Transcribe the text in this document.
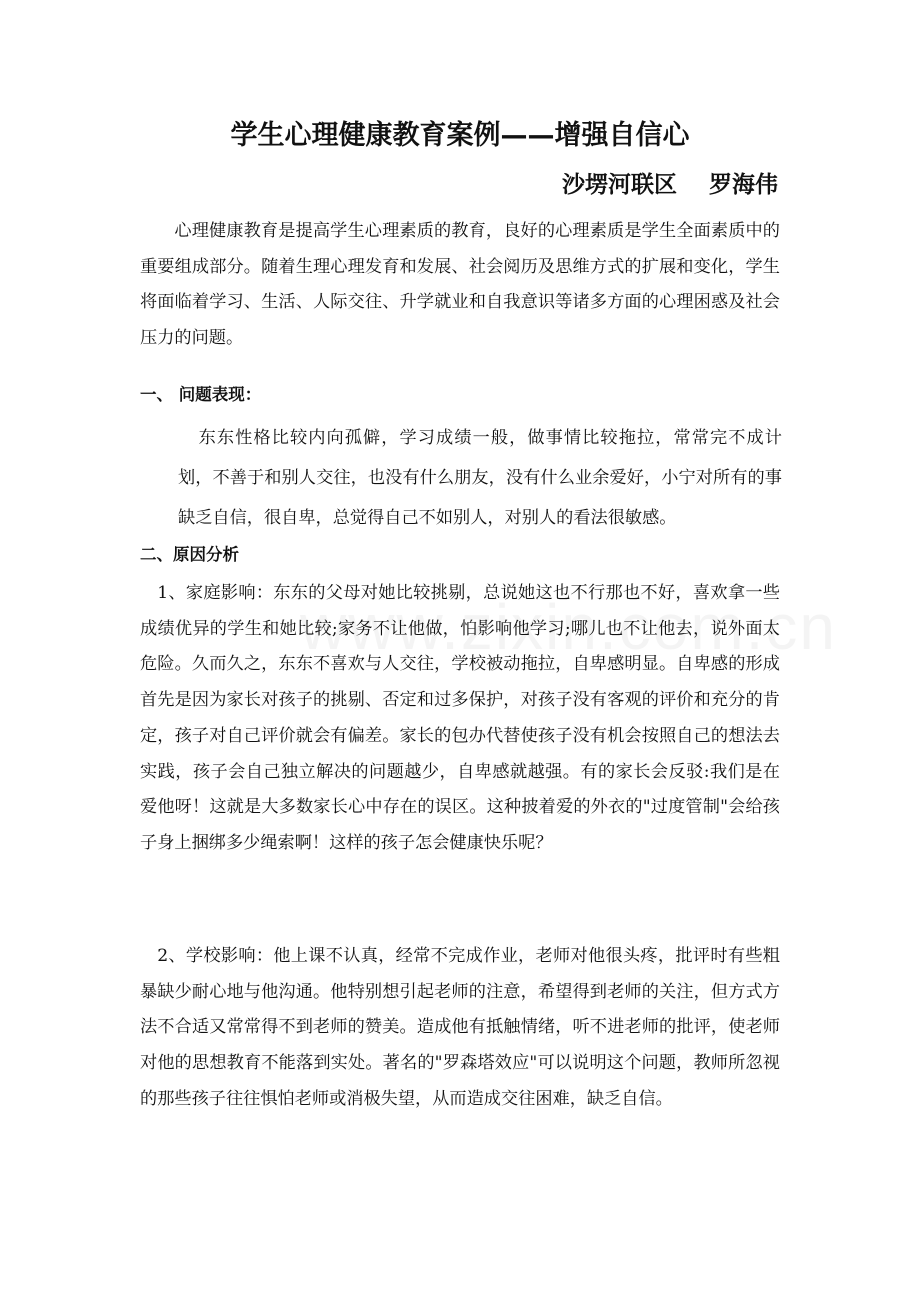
学生心理健康教育案例——增强自信心
沙塄河联区    罗海伟

心理健康教育是提高学生心理素质的教育，良好的心理素质是学生全面素质中的重要组成部分。随着生理心理发育和发展、社会阅历及思维方式的扩展和变化，学生将面临着学习、生活、人际交往、升学就业和自我意识等诸多方面的心理困惑及社会压力的问题。

一、 问题表现：

东东性格比较内向孤僻，学习成绩一般，做事情比较拖拉，常常完不成计划，不善于和别人交往，也没有什么朋友，没有什么业余爱好，小宁对所有的事缺乏自信，很自卑，总觉得自己不如别人，对别人的看法很敏感。

二、原因分析

1、家庭影响：东东的父母对她比较挑剔，总说她这也不行那也不好，喜欢拿一些成绩优异的学生和她比较;家务不让他做，怕影响他学习;哪儿也不让他去，说外面太危险。久而久之，东东不喜欢与人交往，学校被动拖拉，自卑感明显。自卑感的形成首先是因为家长对孩子的挑剔、否定和过多保护，对孩子没有客观的评价和充分的肯定，孩子对自己评价就会有偏差。家长的包办代替使孩子没有机会按照自己的想法去实践，孩子会自己独立解决的问题越少，自卑感就越强。有的家长会反驳:我们是在爱他呀！这就是大多数家长心中存在的误区。这种披着爱的外衣的"过度管制"会给孩子身上捆绑多少绳索啊！这样的孩子怎会健康快乐呢？

2、学校影响：他上课不认真，经常不完成作业，老师对他很头疼，批评时有些粗暴缺少耐心地与他沟通。他特别想引起老师的注意，希望得到老师的关注，但方式方法不合适又常常得不到老师的赞美。造成他有抵触情绪，听不进老师的批评，使老师对他的思想教育不能落到实处。著名的"罗森塔效应"可以说明这个问题，教师所忽视的那些孩子往往惧怕老师或消极失望，从而造成交往困难，缺乏自信。
